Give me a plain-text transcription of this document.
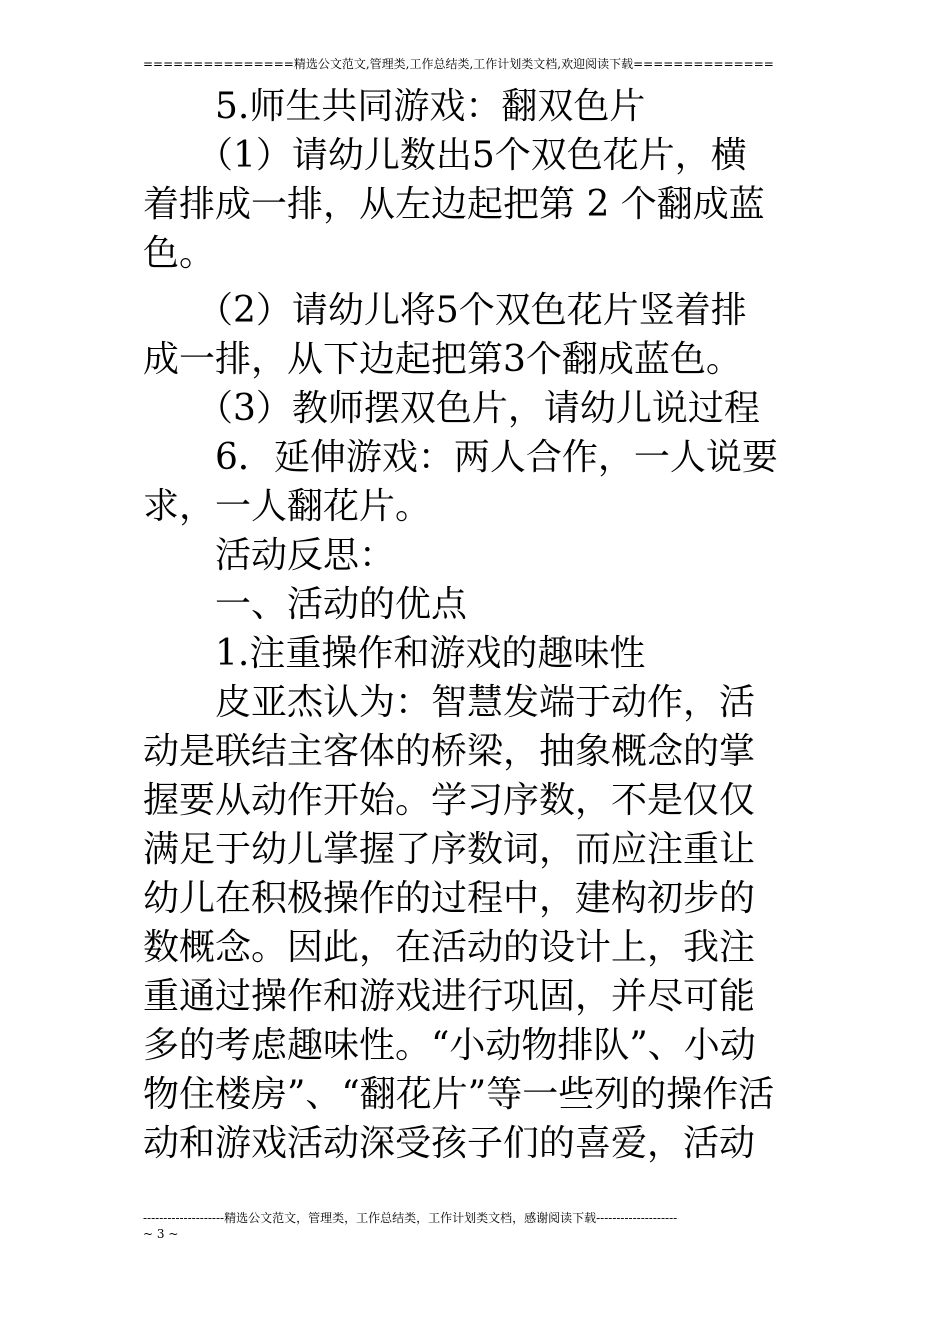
===============精选公文范文,管理类,工作总结类,工作计划类文档,欢迎阅读下载==============
　　5.师生共同游戏：翻双色片
　　（1）请幼儿数出5个双色花片，横
着排成一排，从左边起把第 2 个翻成蓝
色。
　　（2）请幼儿将5个双色花片竖着排
成一排，从下边起把第3个翻成蓝色。
　　（3）教师摆双色片，请幼儿说过程
　　6．延伸游戏：两人合作，一人说要
求，一人翻花片。
　　活动反思：
　　一、活动的优点
　　1.注重操作和游戏的趣味性
　　皮亚杰认为：智慧发端于动作，活
动是联结主客体的桥梁，抽象概念的掌
握要从动作开始。学习序数，不是仅仅
满足于幼儿掌握了序数词，而应注重让
幼儿在积极操作的过程中，建构初步的
数概念。因此，在活动的设计上，我注
重通过操作和游戏进行巩固，并尽可能
多的考虑趣味性。“小动物排队”、小动
物住楼房”、“翻花片”等一些列的操作活
动和游戏活动深受孩子们的喜爱，活动
--------------------精选公文范文，管理类，工作总结类，工作计划类文档，感谢阅读下载--------------------
~ 3 ~
